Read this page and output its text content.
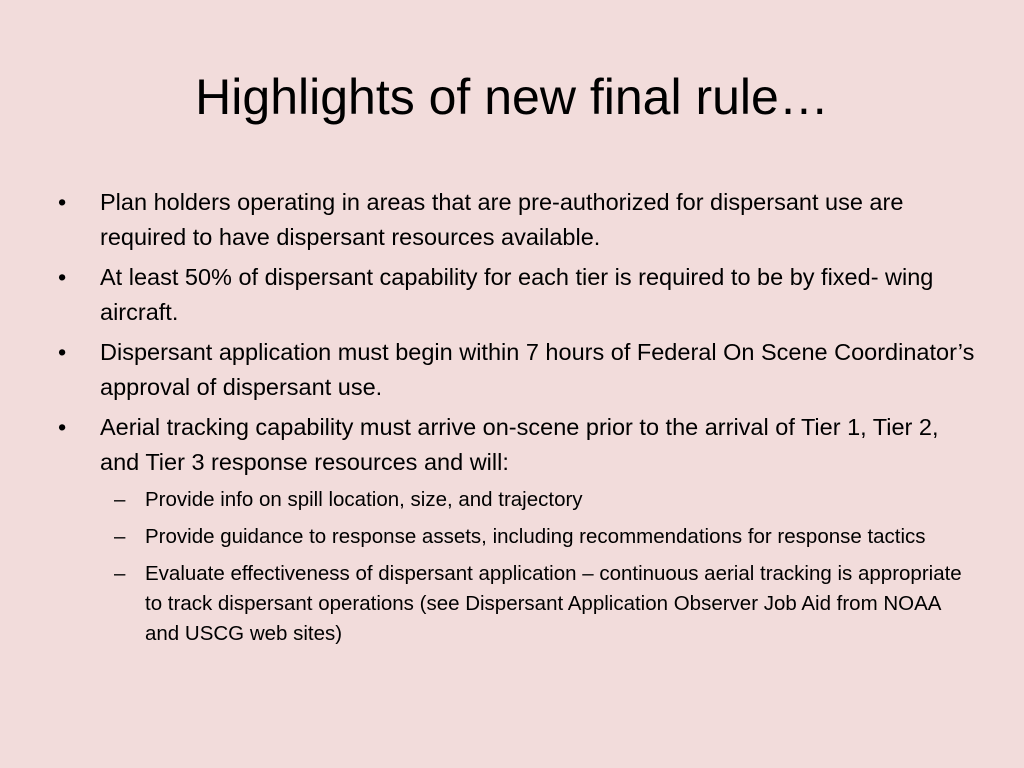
Highlights of new final rule…
•	Plan holders operating in areas that are pre-authorized for dispersant use are required to have dispersant resources available.
•	At least 50% of dispersant capability for each tier is required to be by fixed- wing aircraft.
•	Dispersant application must begin within 7 hours of Federal On Scene Coordinator’s approval of dispersant use.
•	Aerial tracking capability must arrive on-scene prior to the arrival of Tier 1, Tier 2, and Tier 3 response resources and will:
– Provide info on spill location, size, and trajectory
– Provide guidance to response assets, including recommendations for response tactics
– Evaluate effectiveness of dispersant application – continuous aerial tracking is appropriate to track dispersant operations (see Dispersant Application Observer Job Aid from NOAA and USCG web sites)
